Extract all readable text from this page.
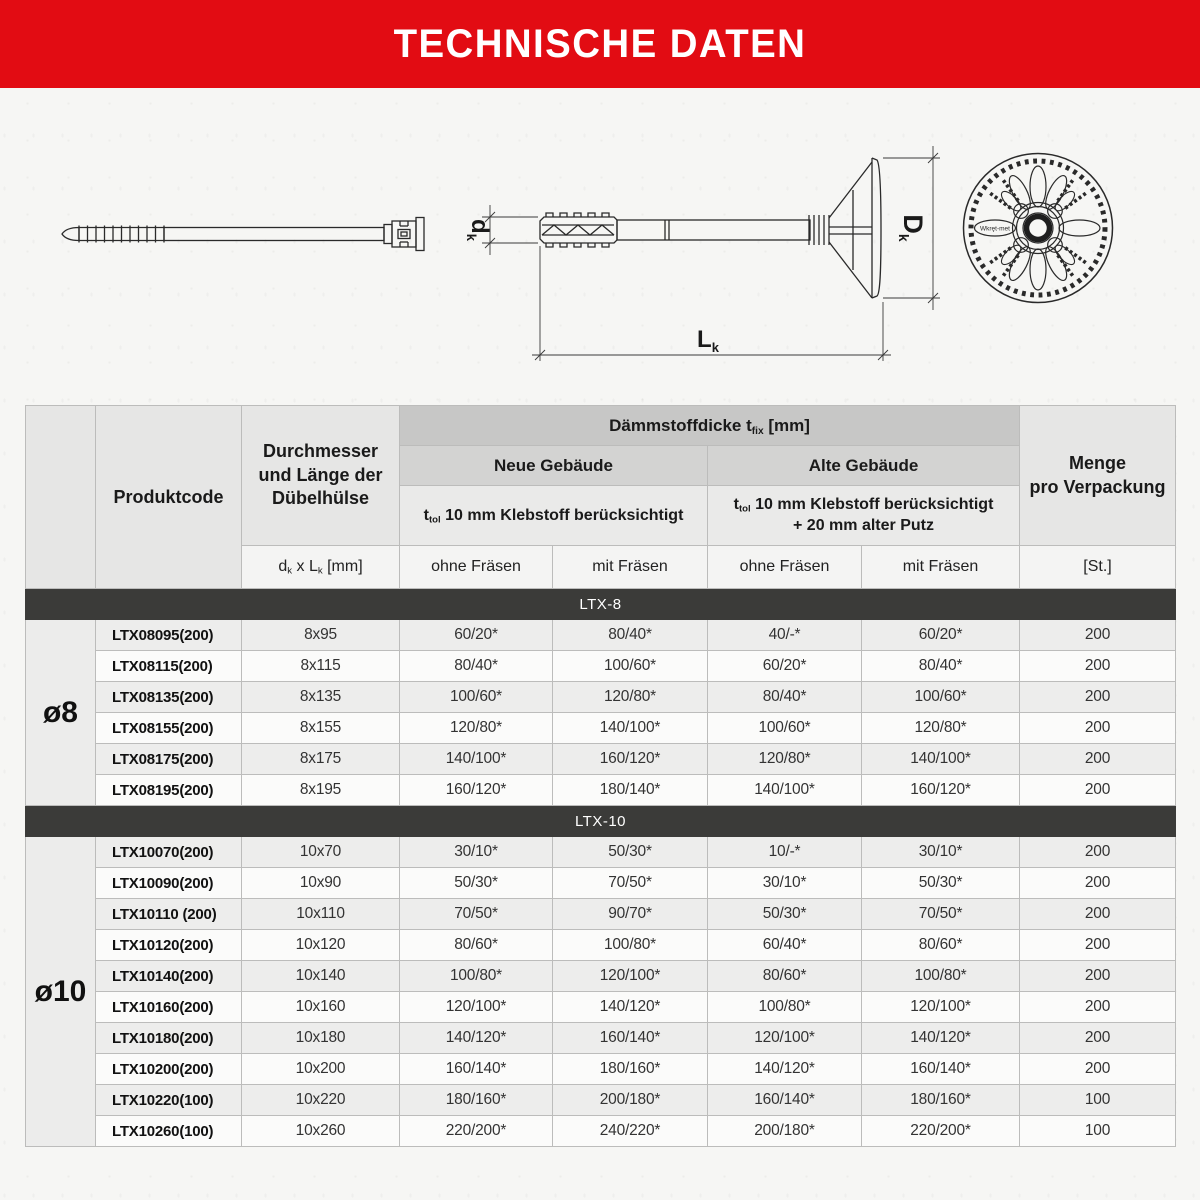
TECHNISCHE DATEN
$d_k$
Dk
$L_k$
Wkręt-met
	Produktcode	Durchmesser
und Länge der
Dübelhülse	Dämmstoffdicke $t_{fix}$ [mm]				Menge
pro Verpackung

			Neue Gebäude		Alte Gebäude		
			$t_{tol}$ 10 mm Klebstoff berücksichtigt		$t_{tol}$ 10 mm Klebstoff berücksichtigt
+ 20 mm alter Putz		

		$d_k$ x $L_k$ [mm]	ohne Fräsen	mit Fräsen	ohne Fräsen	mit Fräsen	[St.]
LTX-8							
ø8	LTX08095(200)	8x95	60/20*	80/40*	40/-*	60/20*	200
	LTX08115(200)	8x115	80/40*	100/60*	60/20*	80/40*	200
	LTX08135(200)	8x135	100/60*	120/80*	80/40*	100/60*	200
	LTX08155(200)	8x155	120/80*	140/100*	100/60*	120/80*	200
	LTX08175(200)	8x175	140/100*	160/120*	120/80*	140/100*	200
	LTX08195(200)	8x195	160/120*	180/140*	140/100*	160/120*	200
LTX-10							
ø10	LTX10070(200)	10x70	30/10*	50/30*	10/-*	30/10*	200
	LTX10090(200)	10x90	50/30*	70/50*	30/10*	50/30*	200
	LTX10110 (200)	10x110	70/50*	90/70*	50/30*	70/50*	200
	LTX10120(200)	10x120	80/60*	100/80*	60/40*	80/60*	200
	LTX10140(200)	10x140	100/80*	120/100*	80/60*	100/80*	200
	LTX10160(200)	10x160	120/100*	140/120*	100/80*	120/100*	200
	LTX10180(200)	10x180	140/120*	160/140*	120/100*	140/120*	200
	LTX10200(200)	10x200	160/140*	180/160*	140/120*	160/140*	200
	LTX10220(100)	10x220	180/160*	200/180*	160/140*	180/160*	100
	LTX10260(100)	10x260	220/200*	240/220*	200/180*	220/200*	100
